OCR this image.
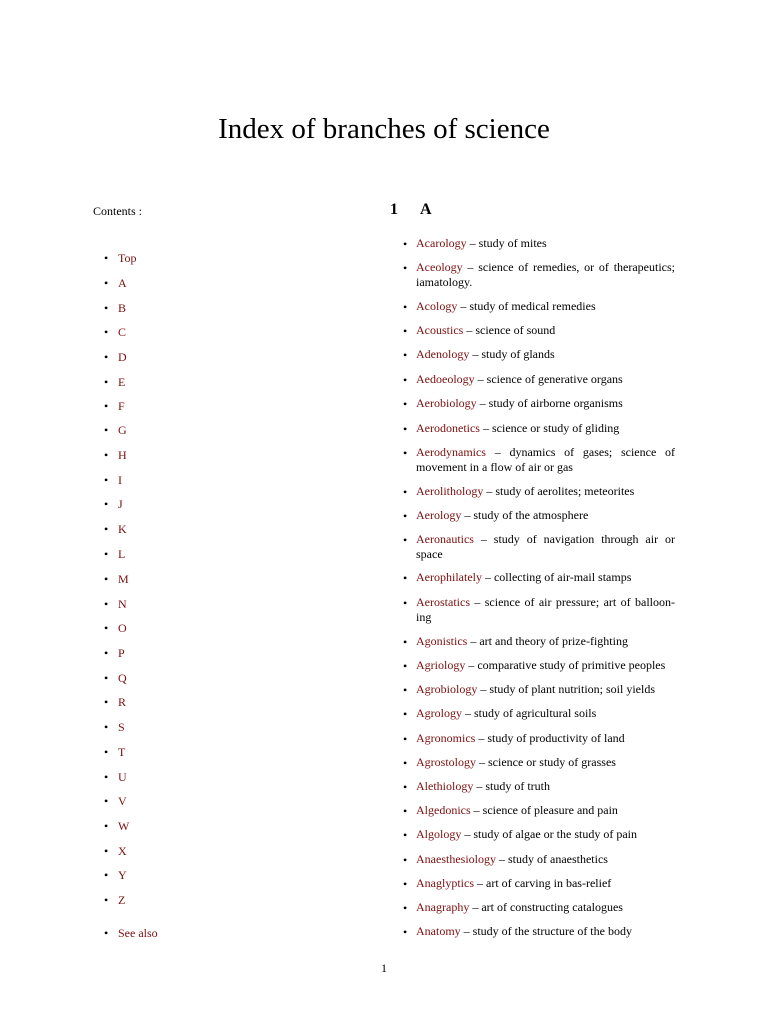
Index of branches of science
Contents :
• Top
• A
• B
• C
• D
• E
• F
• G
• H
• I
• J
• K
• L
• M
• N
• O
• P
• Q
• R
• S
• T
• U
• V
• W
• X
• Y
• Z
• See also
1 A
• Acarology – study of mites
• Aceology – science of remedies, or of therapeutics; iamatology.
• Acology – study of medical remedies
• Acoustics – science of sound
• Adenology – study of glands
• Aedoeology – science of generative organs
• Aerobiology – study of airborne organisms
• Aerodonetics – science or study of gliding
• Aerodynamics – dynamics of gases; science of movement in a flow of air or gas
• Aerolithology – study of aerolites; meteorites
• Aerology – study of the atmosphere
• Aeronautics – study of navigation through air or space
• Aerophilately – collecting of air-mail stamps
• Aerostatics – science of air pressure; art of balloon-ing
• Agonistics – art and theory of prize-fighting
• Agriology – comparative study of primitive peoples
• Agrobiology – study of plant nutrition; soil yields
• Agrology – study of agricultural soils
• Agronomics – study of productivity of land
• Agrostology – science or study of grasses
• Alethiology – study of truth
• Algedonics – science of pleasure and pain
• Algology – study of algae or the study of pain
• Anaesthesiology – study of anaesthetics
• Anaglyptics – art of carving in bas-relief
• Anagraphy – art of constructing catalogues
• Anatomy – study of the structure of the body
1
